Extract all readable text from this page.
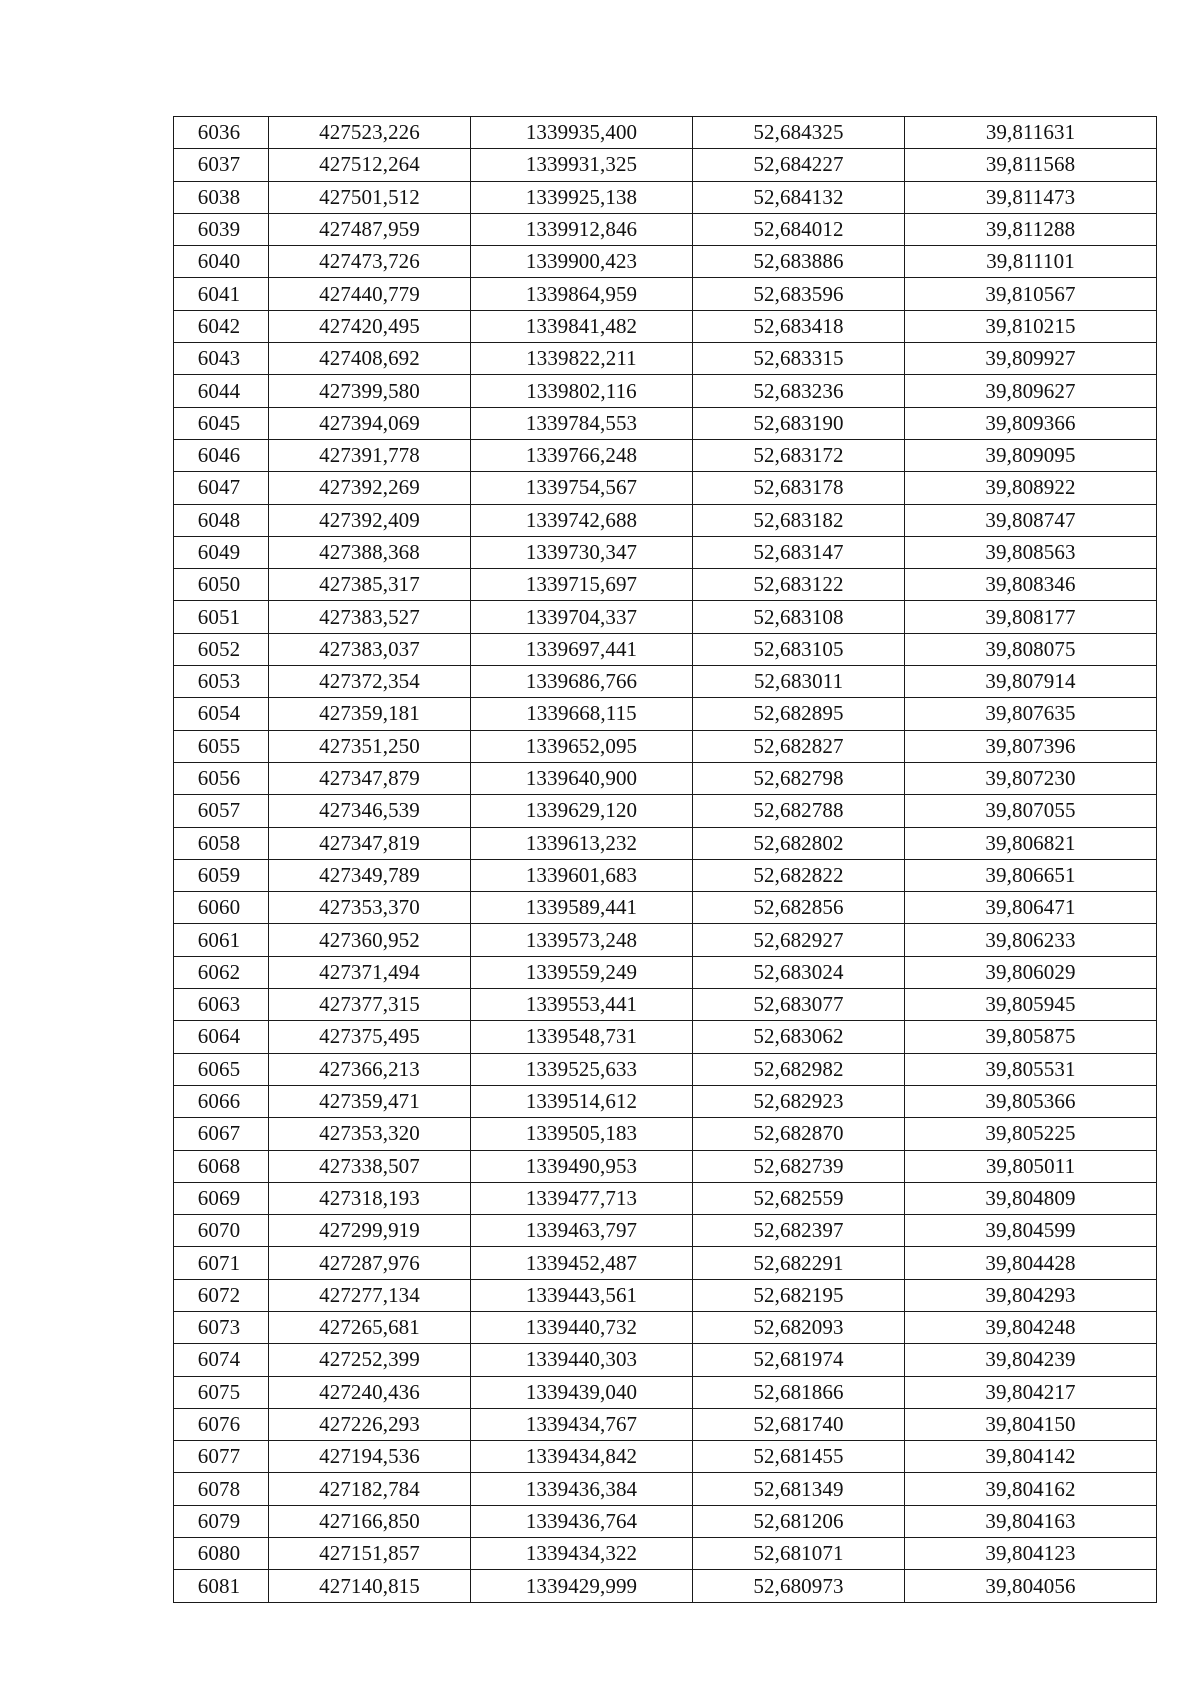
6036	427523,226	1339935,400	52,684325	39,811631
6037	427512,264	1339931,325	52,684227	39,811568
6038	427501,512	1339925,138	52,684132	39,811473
6039	427487,959	1339912,846	52,684012	39,811288
6040	427473,726	1339900,423	52,683886	39,811101
6041	427440,779	1339864,959	52,683596	39,810567
6042	427420,495	1339841,482	52,683418	39,810215
6043	427408,692	1339822,211	52,683315	39,809927
6044	427399,580	1339802,116	52,683236	39,809627
6045	427394,069	1339784,553	52,683190	39,809366
6046	427391,778	1339766,248	52,683172	39,809095
6047	427392,269	1339754,567	52,683178	39,808922
6048	427392,409	1339742,688	52,683182	39,808747
6049	427388,368	1339730,347	52,683147	39,808563
6050	427385,317	1339715,697	52,683122	39,808346
6051	427383,527	1339704,337	52,683108	39,808177
6052	427383,037	1339697,441	52,683105	39,808075
6053	427372,354	1339686,766	52,683011	39,807914
6054	427359,181	1339668,115	52,682895	39,807635
6055	427351,250	1339652,095	52,682827	39,807396
6056	427347,879	1339640,900	52,682798	39,807230
6057	427346,539	1339629,120	52,682788	39,807055
6058	427347,819	1339613,232	52,682802	39,806821
6059	427349,789	1339601,683	52,682822	39,806651
6060	427353,370	1339589,441	52,682856	39,806471
6061	427360,952	1339573,248	52,682927	39,806233
6062	427371,494	1339559,249	52,683024	39,806029
6063	427377,315	1339553,441	52,683077	39,805945
6064	427375,495	1339548,731	52,683062	39,805875
6065	427366,213	1339525,633	52,682982	39,805531
6066	427359,471	1339514,612	52,682923	39,805366
6067	427353,320	1339505,183	52,682870	39,805225
6068	427338,507	1339490,953	52,682739	39,805011
6069	427318,193	1339477,713	52,682559	39,804809
6070	427299,919	1339463,797	52,682397	39,804599
6071	427287,976	1339452,487	52,682291	39,804428
6072	427277,134	1339443,561	52,682195	39,804293
6073	427265,681	1339440,732	52,682093	39,804248
6074	427252,399	1339440,303	52,681974	39,804239
6075	427240,436	1339439,040	52,681866	39,804217
6076	427226,293	1339434,767	52,681740	39,804150
6077	427194,536	1339434,842	52,681455	39,804142
6078	427182,784	1339436,384	52,681349	39,804162
6079	427166,850	1339436,764	52,681206	39,804163
6080	427151,857	1339434,322	52,681071	39,804123
6081	427140,815	1339429,999	52,680973	39,804056
